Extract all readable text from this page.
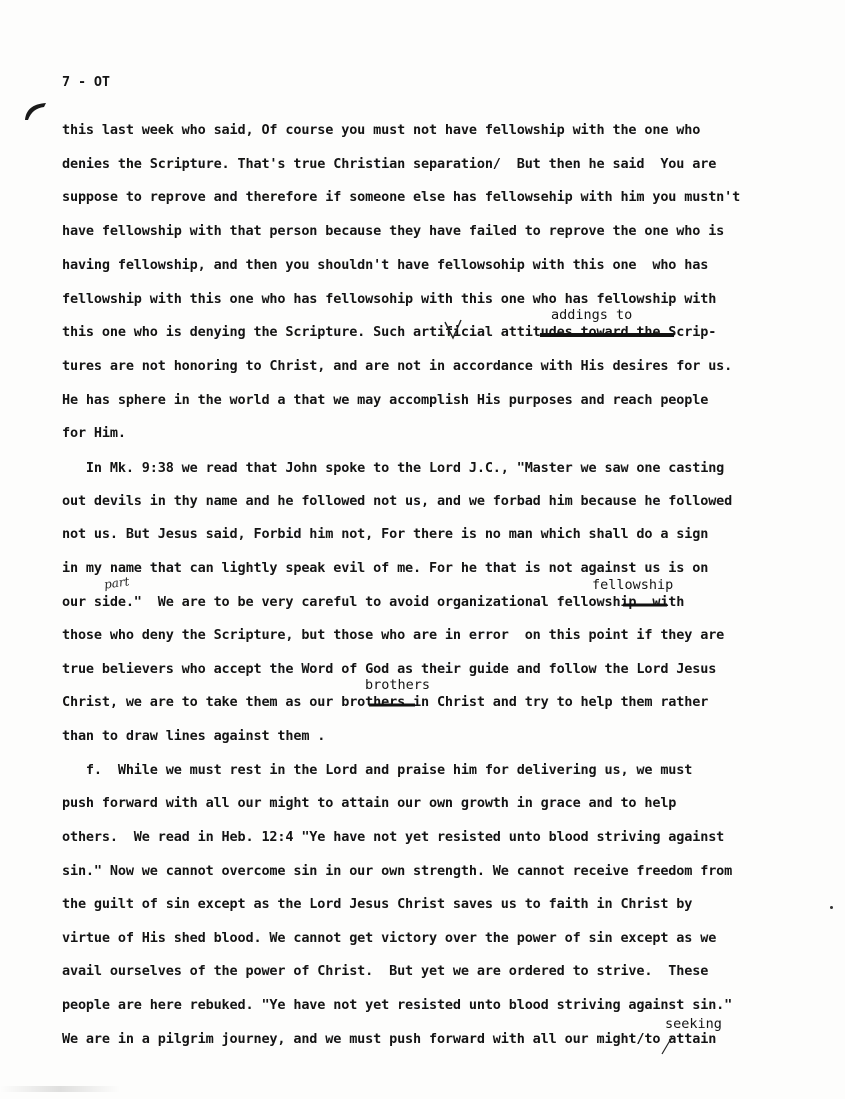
7 - OT
this last week who said, Of course you must not have fellowship with the one who
denies the Scripture. That's true Christian separation/  But then he said  You are
suppose to reprove and therefore if someone else has fellowsehip with him you mustn't
have fellowship with that person because they have failed to reprove the one who is
having fellowship, and then you shouldn't have fellowsohip with this one  who has
fellowship with this one who has fellowsohip with this one who has fellowship with
this one who is denying the Scripture. Such artificial attitudes toward the Scrip-
tures are not honoring to Christ, and are not in accordance with His desires for us.
He has sphere in the world a that we may accomplish His purposes and reach people
for Him.
In Mk. 9:38 we read that John spoke to the Lord J.C., "Master we saw one casting
out devils in thy name and he followed not us, and we forbad him because he followed
not us. But Jesus said, Forbid him not, For there is no man which shall do a sign
in my name that can lightly speak evil of me. For he that is not against us is on
our side."  We are to be very careful to avoid organizational fellowship  with
those who deny the Scripture, but those who are in error  on this point if they are
true believers who accept the Word of God as their guide and follow the Lord Jesus
Christ, we are to take them as our brothers in Christ and try to help them rather
than to draw lines against them .
f.  While we must rest in the Lord and praise him for delivering us, we must
push forward with all our might to attain our own growth in grace and to help
others.  We read in Heb. 12:4 "Ye have not yet resisted unto blood striving against
sin." Now we cannot overcome sin in our own strength. We cannot receive freedom from
the guilt of sin except as the Lord Jesus Christ saves us to faith in Christ by
virtue of His shed blood. We cannot get victory over the power of sin except as we
avail ourselves of the power of Christ.  But yet we are ordered to strive.  These
people are here rebuked. "Ye have not yet resisted unto blood striving against sin."
We are in a pilgrim journey, and we must push forward with all our might/to attain
addings to
fellowship
brothers
seeking
part
